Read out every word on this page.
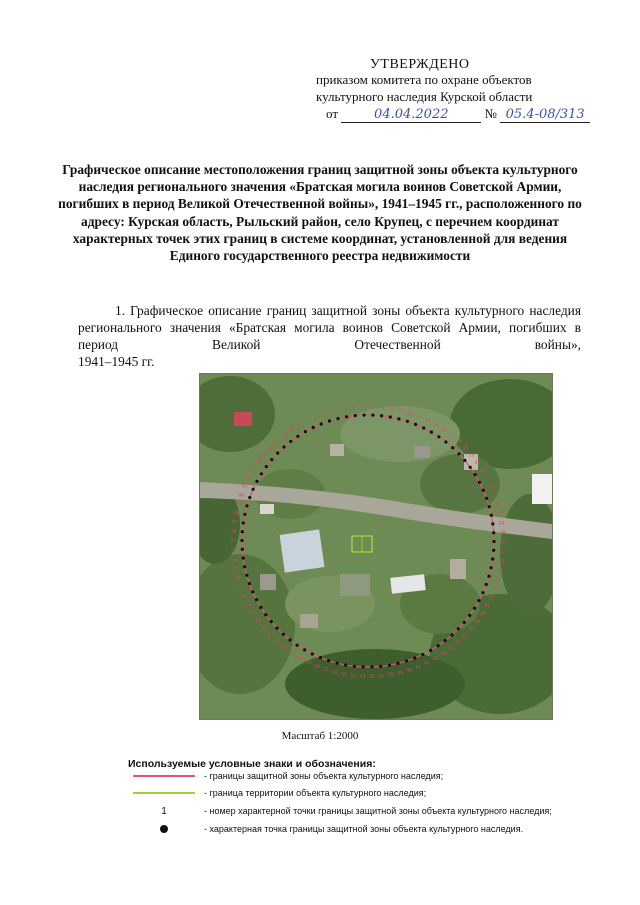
УТВЕРЖДЕНО
приказом комитета по охране объектов
культурного наследия Курской области
от	04.04.2022	№ 05.4-08/313
Графическое описание местоположения границ защитной зоны объекта культурного наследия регионального значения «Братская могила воинов Советской Армии, погибших в период Великой Отечественной войны», 1941–1945 гг., расположенного по адресу: Курская область, Рыльский район, село Крупец, с перечнем координат характерных точек этих границ в системе координат, установленной для ведения Единого государственного реестра недвижимости
1. Графическое описание границ защитной зоны объекта культурного наследия регионального значения «Братская могила воинов Советской Армии, погибших в период Великой Отечественной войны»,
1941–1945 гг.
1
2
3
4 5 6 7 8 9 10 11
12
13
14
15
16
17
18
19
20
21
22
23
24
25
26
27
28
29
30
31
32
33
34
35
36
37
38
39
40
41
42
43
44
45
46
47
48
49
50
51
52
53
54
55
56
57
58
59
60
61
62
63
64
65
66
67
68
69
70
71
72
73
74
75
76
77
78
79
80
81
82
83
84
85
86
87
88
89
90
Масштаб 1:2000
Используемые условные знаки и обозначения:
- границы защитной зоны объекта культурного наследия;
- граница территории объекта культурного наследия;
1	- номер характерной точки границы защитной зоны объекта культурного наследия;
- характерная точка границы защитной зоны объекта культурного наследия.
